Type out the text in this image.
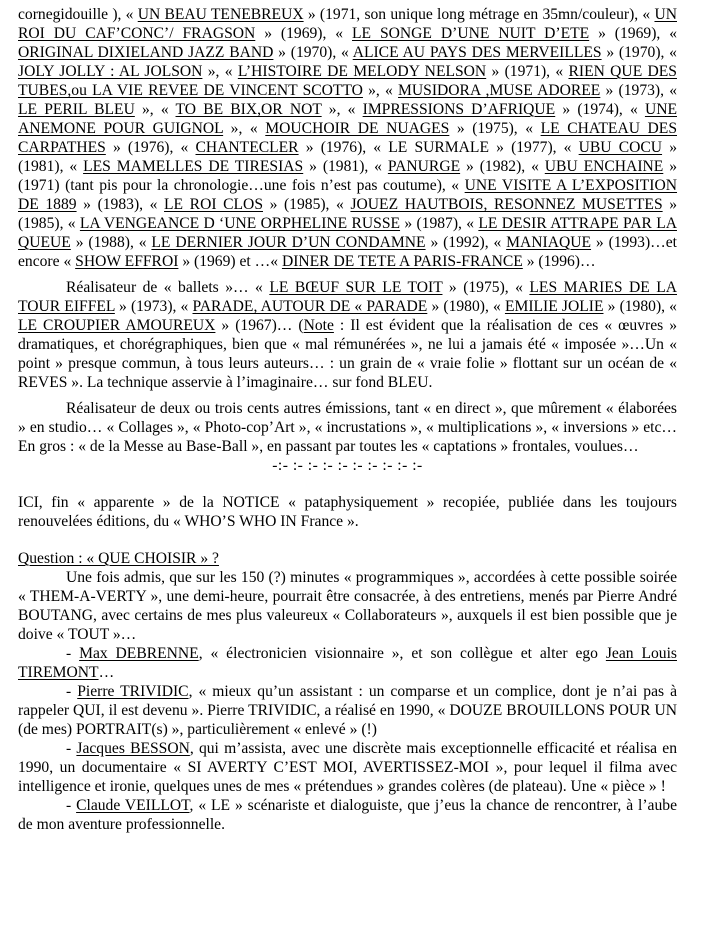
cornegidouille ), « UN BEAU TENEBREUX » (1971, son unique long métrage en 35mn/couleur), « UN ROI DU CAF’CONC’/ FRAGSON » (1969), « LE SONGE D’UNE NUIT D’ETE » (1969), « ORIGINAL DIXIELAND JAZZ BAND » (1970), « ALICE AU PAYS DES MERVEILLES » (1970), « JOLY JOLLY : AL JOLSON », « L’HISTOIRE DE MELODY NELSON » (1971), « RIEN QUE DES TUBES,ou LA VIE REVEE DE VINCENT SCOTTO », « MUSIDORA ,MUSE ADOREE » (1973), « LE PERIL BLEU », « TO BE BIX,OR NOT », « IMPRESSIONS D’AFRIQUE » (1974), « UNE ANEMONE POUR GUIGNOL », « MOUCHOIR DE NUAGES » (1975), « LE CHATEAU DES CARPATHES » (1976), « CHANTECLER » (1976), « LE SURMALE » (1977), « UBU COCU » (1981), « LES MAMELLES DE TIRESIAS » (1981), « PANURGE » (1982), « UBU ENCHAINE » (1971) (tant pis pour la chronologie…une fois n’est pas coutume), « UNE VISITE A L’EXPOSITION DE 1889 » (1983), « LE ROI CLOS » (1985), « JOUEZ HAUTBOIS, RESONNEZ MUSETTES » (1985), « LA VENGEANCE D ‘UNE ORPHELINE RUSSE » (1987), « LE DESIR ATTRAPE PAR LA QUEUE » (1988), « LE DERNIER JOUR D’UN CONDAMNE » (1992), « MANIAQUE » (1993)…et encore « SHOW EFFROI » (1969) et …« DINER DE TETE A PARIS-FRANCE » (1996)…

Réalisateur de « ballets »… « LE BŒUF SUR LE TOIT » (1975), « LES MARIES DE LA TOUR EIFFEL » (1973), « PARADE, AUTOUR DE « PARADE » (1980), « EMILIE JOLIE » (1980), « LE CROUPIER AMOUREUX » (1967)… (Note : Il est évident que la réalisation de ces « œuvres » dramatiques, et chorégraphiques, bien que « mal rémunérées », ne lui a jamais été « imposée »…Un « point » presque commun, à tous leurs auteurs… : un grain de « vraie folie » flottant sur un océan de « REVES ». La technique asservie à l’imaginaire… sur fond BLEU.

Réalisateur de deux ou trois cents autres émissions, tant « en direct », que mûrement « élaborées » en studio… « Collages », « Photo-cop’Art », « incrustations », « multiplications », « inversions » etc…En gros : « de la Messe au Base-Ball », en passant par toutes les « captations » frontales, voulues…

-:- :- :- :- :- :- :- :- :- :-

ICI, fin « apparente » de la NOTICE « pataphysiquement » recopiée, publiée dans les toujours renouvelées éditions, du « WHO’S WHO IN France ».

Question : « QUE CHOISIR » ?

Une fois admis, que sur les 150 (?) minutes « programmiques », accordées à cette possible soirée « THEM-A-VERTY », une demi-heure, pourrait être consacrée, à des entretiens, menés par Pierre André BOUTANG, avec certains de mes plus valeureux « Collaborateurs », auxquels il est bien possible que je doive « TOUT »…

- Max DEBRENNE, « électronicien visionnaire », et son collègue et alter ego Jean Louis TIREMONT…

- Pierre TRIVIDIC, « mieux qu’un assistant : un comparse et un complice, dont je n’ai pas à rappeler QUI, il est devenu ». Pierre TRIVIDIC, a réalisé en 1990, « DOUZE BROUILLONS POUR UN (de mes) PORTRAIT(s) », particulièrement « enlevé » (!)

- Jacques BESSON, qui m’assista, avec une discrète mais exceptionnelle efficacité et réalisa en 1990, un documentaire « SI AVERTY C’EST MOI, AVERTISSEZ-MOI », pour lequel il filma avec intelligence et ironie, quelques unes de mes « prétendues » grandes colères (de plateau). Une « pièce » !

- Claude VEILLOT, « LE » scénariste et dialoguiste, que j’eus la chance de rencontrer, à l’aube de mon aventure professionnelle.
